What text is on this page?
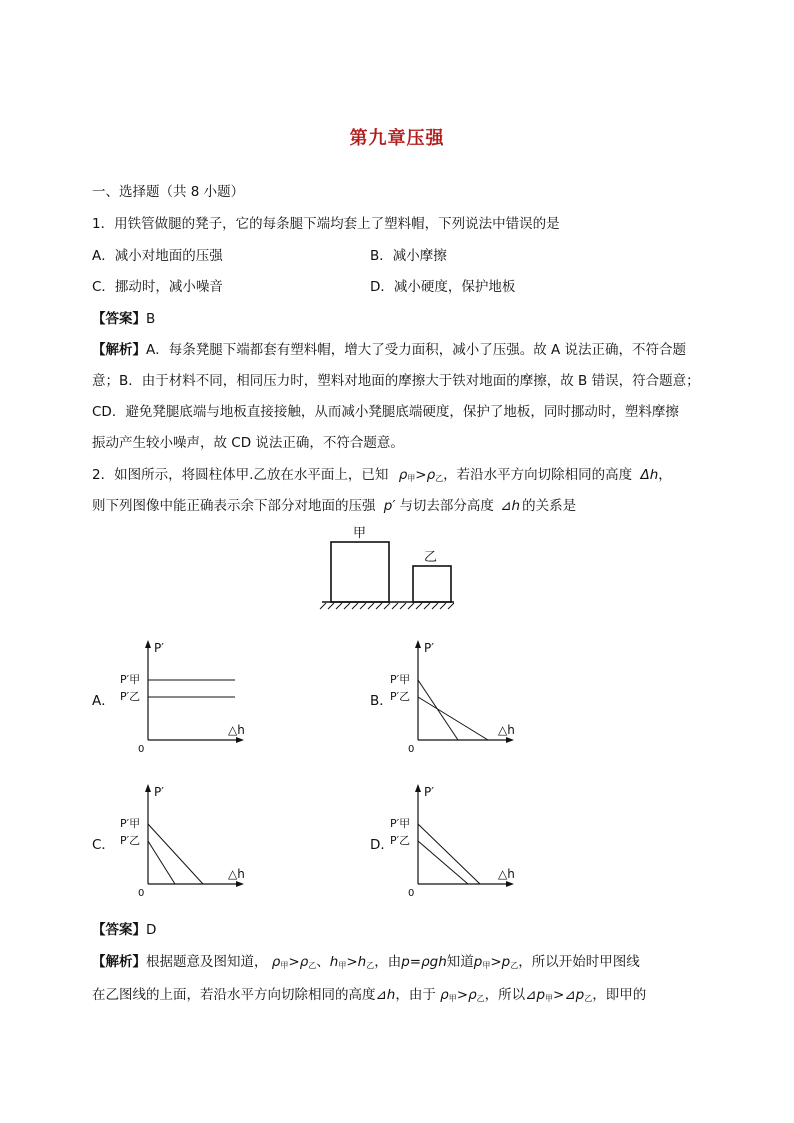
第九章压强
一、选择题（共 8 小题）
1．用铁管做腿的凳子，它的每条腿下端均套上了塑料帽，下列说法中错误的是
A．减小对地面的压强	B．减小摩擦
C．挪动时，减小噪音	D．减小硬度，保护地板
【答案】B
【解析】A．每条凳腿下端都套有塑料帽，增大了受力面积，减小了压强。故 A 说法正确，不符合题
意；B．由于材料不同，相同压力时，塑料对地面的摩擦大于铁对地面的摩擦，故 B 错误，符合题意；
CD．避免凳腿底端与地板直接接触，从而减小凳腿底端硬度，保护了地板，同时挪动时，塑料摩擦
振动产生较小噪声，故 CD 说法正确，不符合题意。
2．如图所示，将圆柱体甲.乙放在水平面上，已知 $\rho_甲>\rho_乙$，若沿水平方向切除相同的高度 Δh，
则下列图像中能正确表示余下部分对地面的压强 p′ 与切去部分高度 ⊿h 的关系是
甲
乙
A．
P′
△h
0
P′甲
P′乙	B．
P′
△h
0
P′甲
P′乙
C．
P′
△h
0
P′甲
P′乙	D．
P′
△h
0
P′甲
P′乙
【答案】D
【解析】根据题意及图知道， $\rho_甲>\rho_乙$、$h_甲>h_乙$，由p=ρgh知道$p_甲>p_乙$，所以开始时甲图线
在乙图线的上面，若沿水平方向切除相同的高度⊿h，由于 $\rho_甲>\rho_乙$，所以$⊿p_甲>⊿p_乙$，即甲的
